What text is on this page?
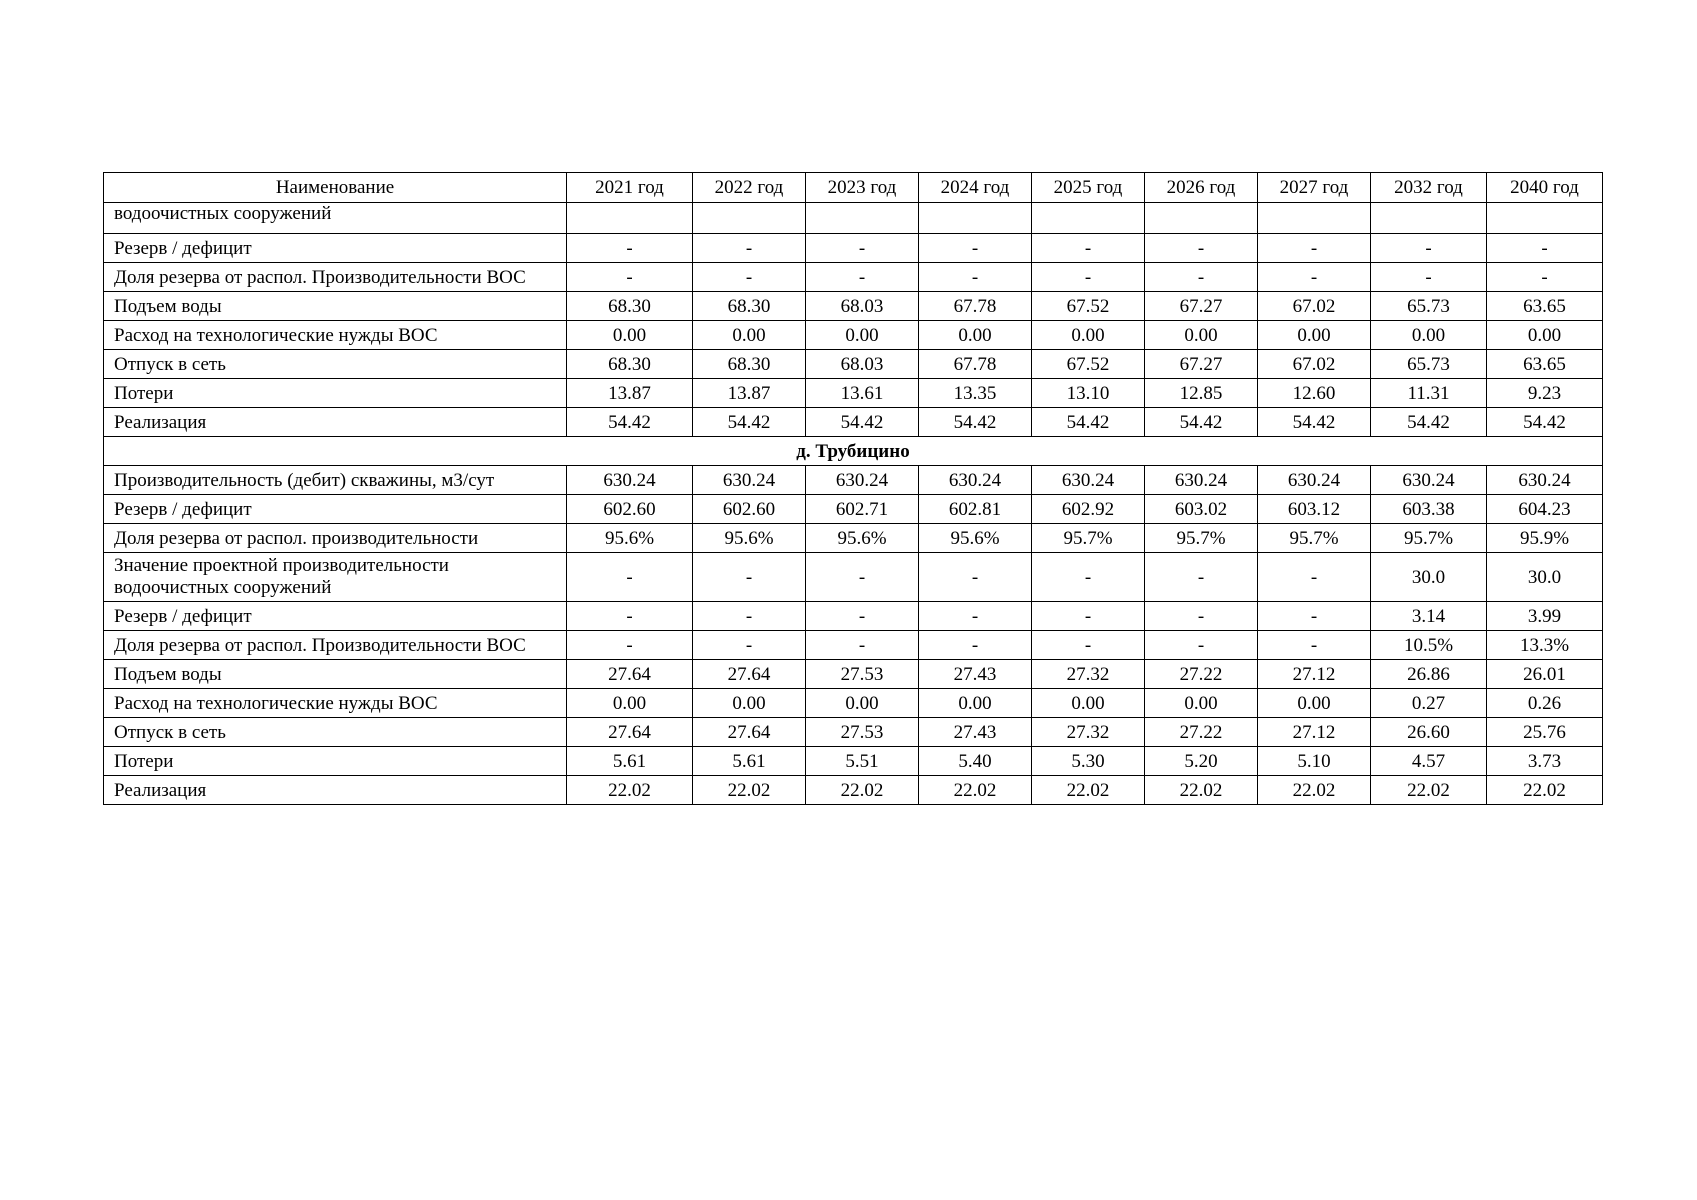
Наименование	2021 год	2022 год	2023 год	2024 год	2025 год	2026 год	2027 год	2032 год	2040 год
водоочистных сооружений									
Резерв / дефицит	-	-	-	-	-	-	-	-	-
Доля резерва от распол. Производительности ВОС	-	-	-	-	-	-	-	-	-
Подъем воды	68.30	68.30	68.03	67.78	67.52	67.27	67.02	65.73	63.65
Расход на технологические нужды ВОС	0.00	0.00	0.00	0.00	0.00	0.00	0.00	0.00	0.00
Отпуск в сеть	68.30	68.30	68.03	67.78	67.52	67.27	67.02	65.73	63.65
Потери	13.87	13.87	13.61	13.35	13.10	12.85	12.60	11.31	9.23
Реализация	54.42	54.42	54.42	54.42	54.42	54.42	54.42	54.42	54.42
д. Трубицино									
Производительность (дебит) скважины, м3/сут	630.24	630.24	630.24	630.24	630.24	630.24	630.24	630.24	630.24
Резерв / дефицит	602.60	602.60	602.71	602.81	602.92	603.02	603.12	603.38	604.23
Доля резерва от распол. производительности	95.6%	95.6%	95.6%	95.6%	95.7%	95.7%	95.7%	95.7%	95.9%
Значение проектной производительности водоочистных сооружений	-	-	-	-	-	-	-	30.0	30.0
Резерв / дефицит	-	-	-	-	-	-	-	3.14	3.99
Доля резерва от распол. Производительности ВОС	-	-	-	-	-	-	-	10.5%	13.3%
Подъем воды	27.64	27.64	27.53	27.43	27.32	27.22	27.12	26.86	26.01
Расход на технологические нужды ВОС	0.00	0.00	0.00	0.00	0.00	0.00	0.00	0.27	0.26
Отпуск в сеть	27.64	27.64	27.53	27.43	27.32	27.22	27.12	26.60	25.76
Потери	5.61	5.61	5.51	5.40	5.30	5.20	5.10	4.57	3.73
Реализация	22.02	22.02	22.02	22.02	22.02	22.02	22.02	22.02	22.02
